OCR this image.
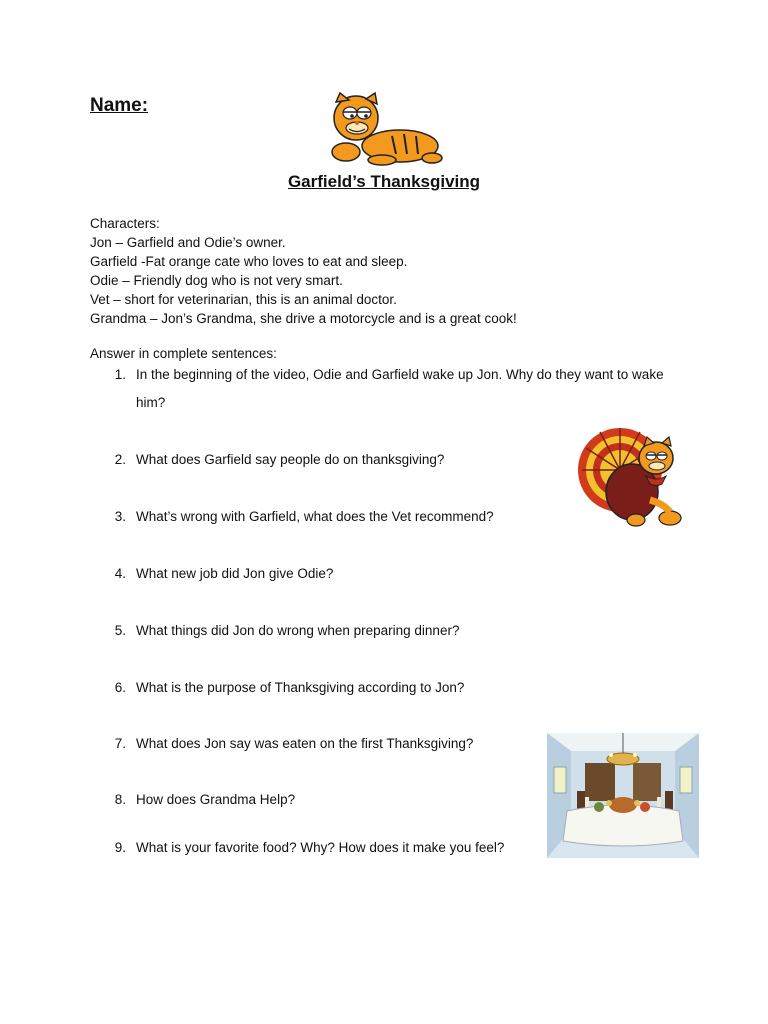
Name:
Garfield’s Thanksgiving
Characters:
Jon – Garfield and Odie’s owner.
Garfield -Fat orange cate who loves to eat and sleep.
Odie – Friendly dog who is not very smart.
Vet – short for veterinarian, this is an animal doctor.
Grandma – Jon’s Grandma, she drive a motorcycle and is a great cook!
Answer in complete sentences:
1. In the beginning of the video, Odie and Garfield wake up Jon. Why do they want to wake him?
2. What does Garfield say people do on thanksgiving?
3. What’s wrong with Garfield, what does the Vet recommend?
4. What new job did Jon give Odie?
5. What things did Jon do wrong when preparing dinner?
6. What is the purpose of Thanksgiving according to Jon?
7. What does Jon say was eaten on the first Thanksgiving?
8. How does Grandma Help?
9. What is your favorite food? Why? How does it make you feel?
